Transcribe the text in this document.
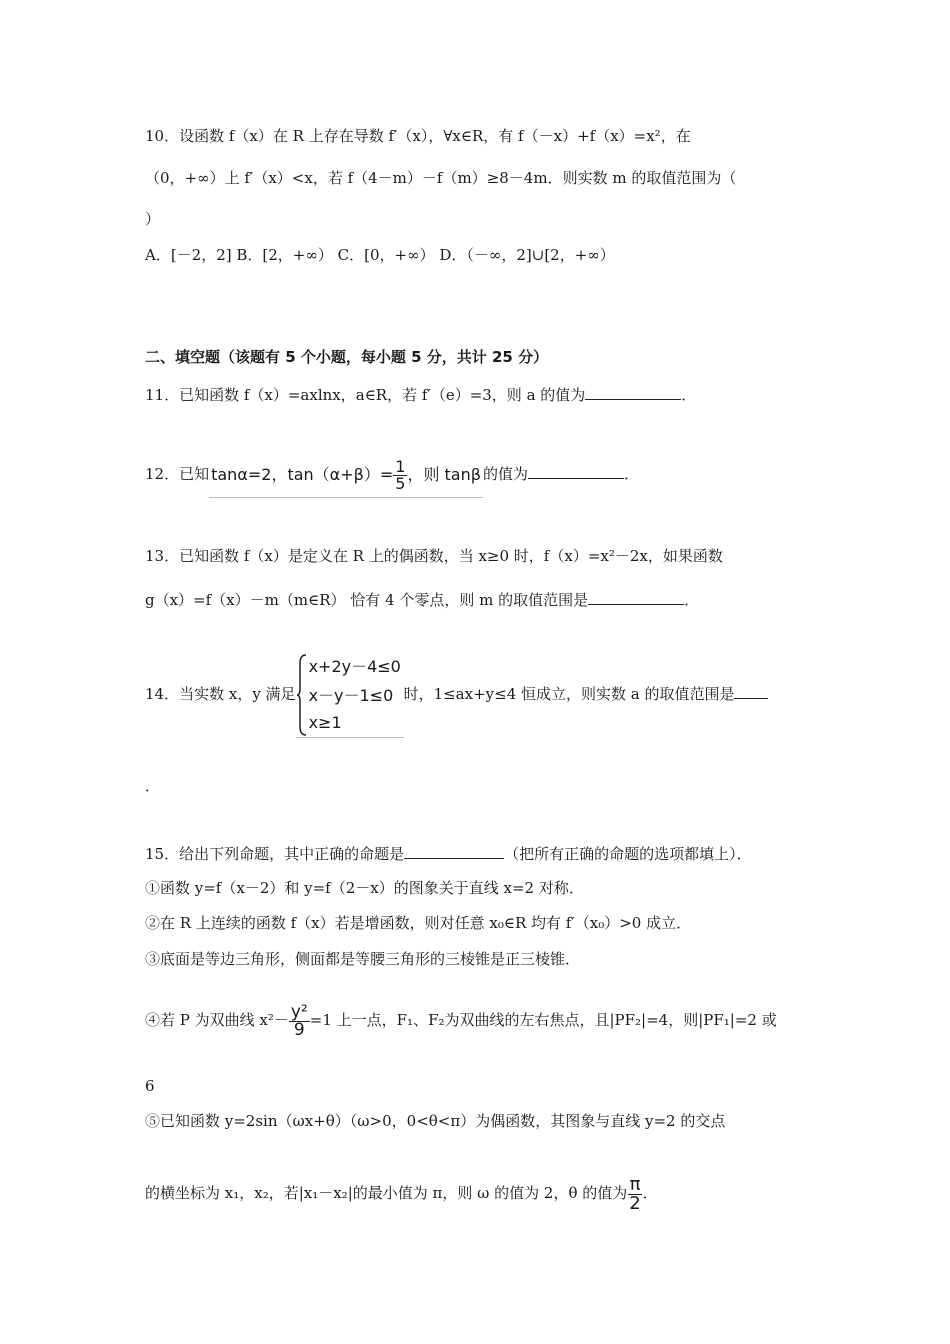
10．设函数 f（x）在 R 上存在导数 f′（x），∀x∈R，有 f（－x）+f（x）=x²，在
（0，+∞）上 f′（x）<x，若 f（4－m）－f（m）≥8－4m．则实数 m 的取值范围为（
）
A．[－2，2] B．[2，+∞） C．[0，+∞） D．（－∞，2]∪[2，+∞）
二、填空题（该题有 5 个小题，每小题 5 分，共计 25 分）
11．已知函数 f（x）=axlnx，a∈R，若 f′（e）=3，则 a 的值为	．
12．已知 tanα=2，$\tan(\alpha+\beta)= \frac{1}{5}$ ，则 tanβ 的值为	．
13．已知函数 f（x）是定义在 R 上的偶函数，当 x≥0 时，f（x）=x²－2x，如果函数
g（x）=f（x）－m（m∈R） 恰有 4 个零点，则 m 的取值范围是	．
14．当实数 x，y 满足
x+2y－4≤0
x－y－1≤0
x≥1
时，1≤ax+y≤4 恒成立，则实数 a 的取值范围是
．
15．给出下列命题，其中正确的命题是	（把所有正确的命题的选项都填上）．
①函数 y=f（x－2）和 y=f（2－x）的图象关于直线 x=2 对称．
②在 R 上连续的函数 f（x）若是增函数，则对任意 x₀∈R 均有 f′（x₀）>0 成立．
③底面是等边三角形，侧面都是等腰三角形的三棱锥是正三棱锥．
④若 P 为双曲线 $x^2- \frac{\text{y²}}{9} =1$ 上一点，F₁、F₂为双曲线的左右焦点，且|PF₂|=4，则|PF₁|=2 或
6
⑤已知函数 y=2sin（ωx+θ）（ω>0，0<θ<π）为偶函数，其图象与直线 y=2 的交点
的横坐标为 x₁，x₂，若|x₁－x₂|的最小值为 π，则 ω 的值为 2，θ 的值为 $\frac{\pi}{2}$ ．
